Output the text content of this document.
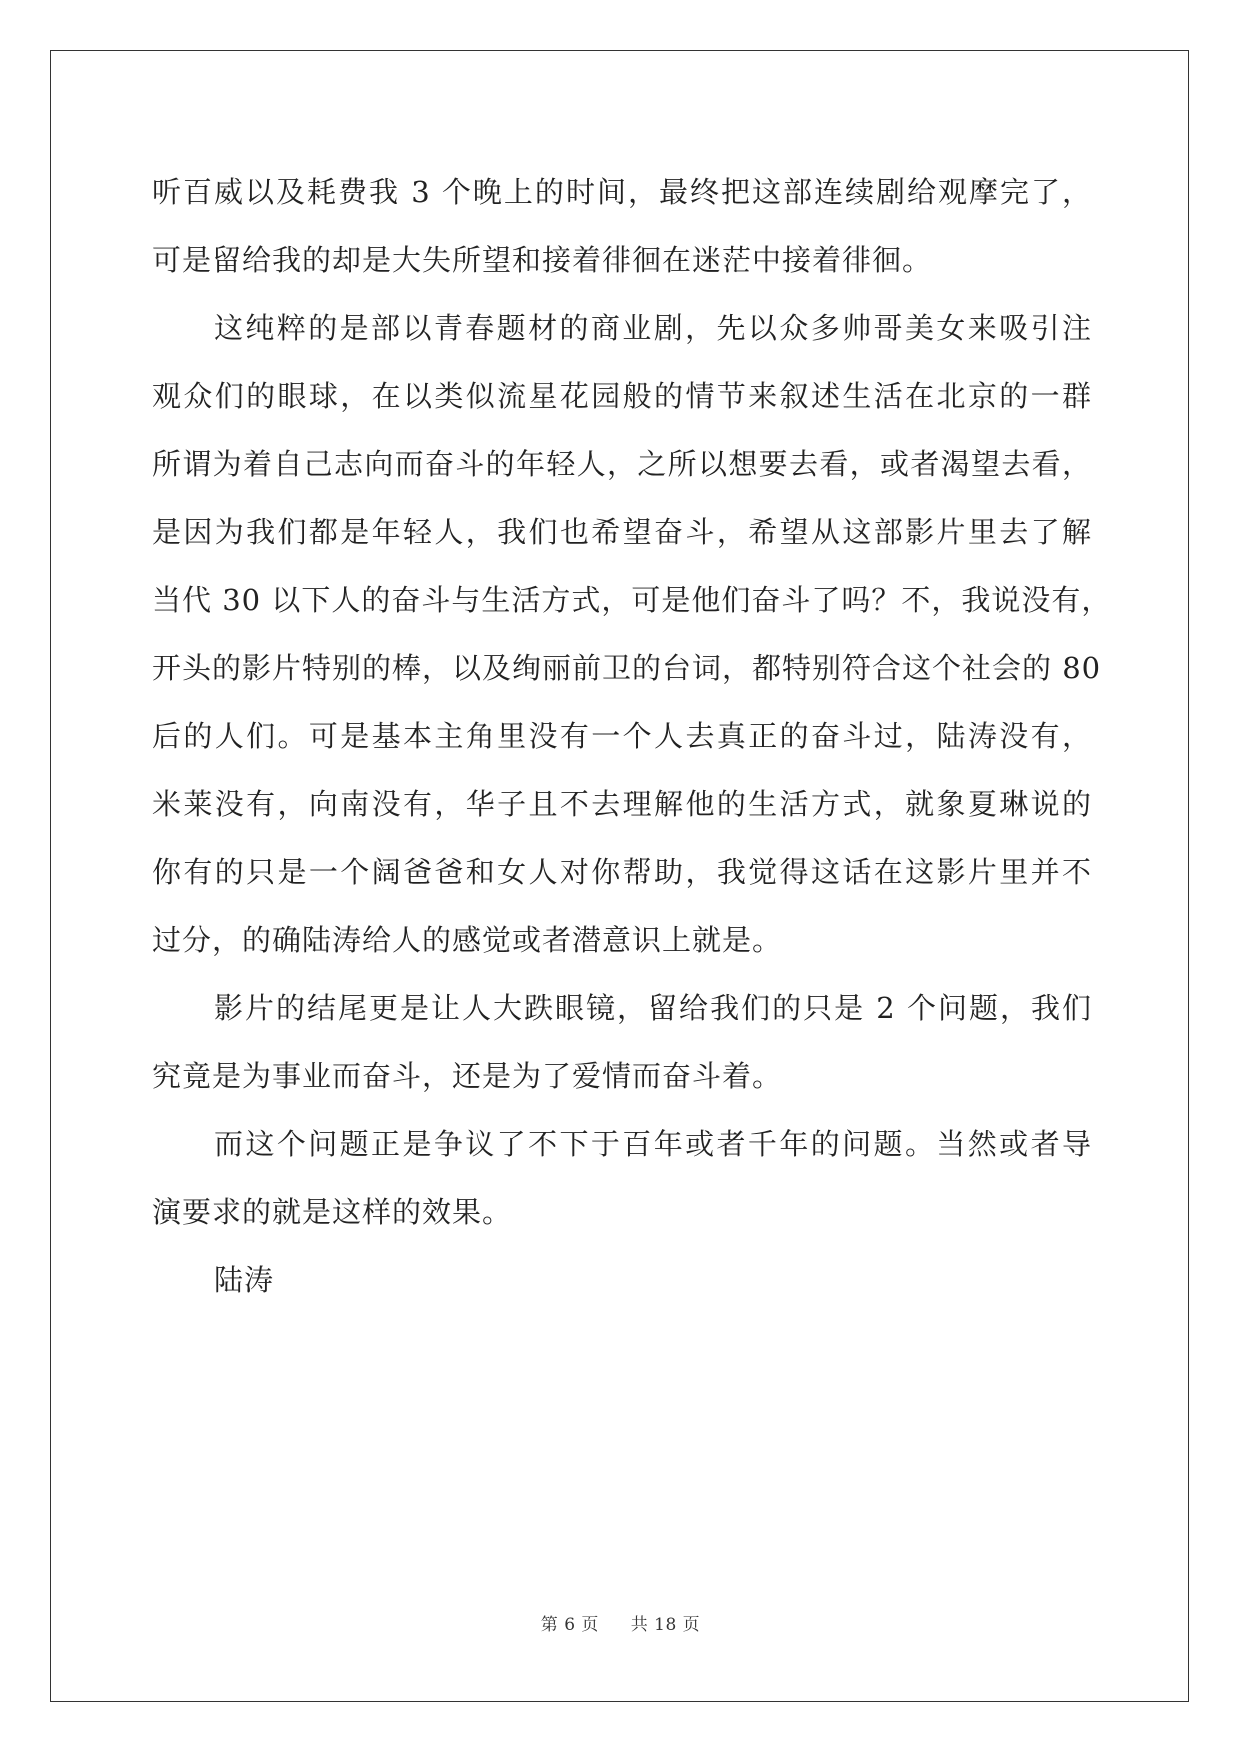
听百威以及耗费我 3 个晚上的时间，最终把这部连续剧给观摩完了，
可是留给我的却是大失所望和接着徘徊在迷茫中接着徘徊。
这纯粹的是部以青春题材的商业剧，先以众多帅哥美女来吸引注
观众们的眼球，在以类似流星花园般的情节来叙述生活在北京的一群
所谓为着自己志向而奋斗的年轻人，之所以想要去看，或者渴望去看，
是因为我们都是年轻人，我们也希望奋斗，希望从这部影片里去了解
当代 30 以下人的奋斗与生活方式，可是他们奋斗了吗？不，我说没有，
开头的影片特别的棒，以及绚丽前卫的台词，都特别符合这个社会的 80
后的人们。可是基本主角里没有一个人去真正的奋斗过，陆涛没有，
米莱没有，向南没有，华子且不去理解他的生活方式，就象夏琳说的
你有的只是一个阔爸爸和女人对你帮助，我觉得这话在这影片里并不
过分，的确陆涛给人的感觉或者潜意识上就是。
影片的结尾更是让人大跌眼镜，留给我们的只是 2 个问题，我们
究竟是为事业而奋斗，还是为了爱情而奋斗着。
而这个问题正是争议了不下于百年或者千年的问题。当然或者导
演要求的就是这样的效果。
陆涛
第 6 页 共 18 页
